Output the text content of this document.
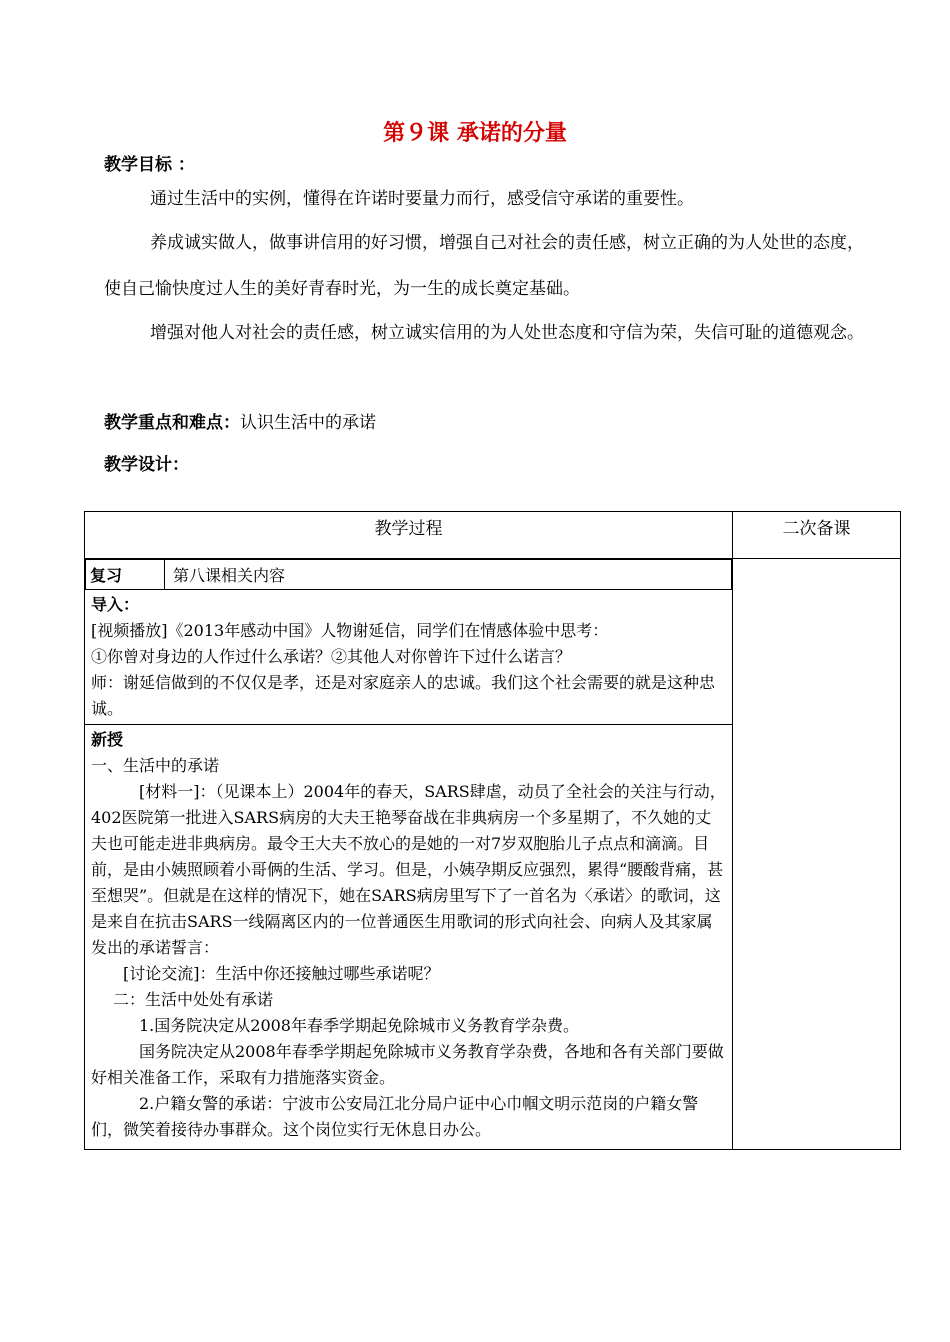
第９课 承诺的分量
教学目标 ：

通过生活中的实例，懂得在许诺时要量力而行，感受信守承诺的重要性。

养成诚实做人，做事讲信用的好习惯，增强自己对社会的责任感，树立正确的为人处世的态度，使自己愉快度过人生的美好青春时光，为一生的成长奠定基础。

增强对他人对社会的责任感，树立诚实信用的为人处世态度和守信为荣，失信可耻的道德观念。

教学重点和难点：认识生活中的承诺
教学设计：
教学过程	二次备课

复习	第八课相关内容

导入：

[视频播放]《2013年感动中国》人物谢延信，同学们在情感体验中思考：

①你曾对身边的人作过什么承诺？②其他人对你曾许下过什么诺言？

师：谢延信做到的不仅仅是孝，还是对家庭亲人的忠诚。我们这个社会需要的就是这种忠诚。

新授

一、生活中的承诺

[材料一]：（见课本上）2004年的春天，SARS肆虐，动员了全社会的关注与行动，402医院第一批进入SARS病房的大夫王艳琴奋战在非典病房一个多星期了，不久她的丈夫也可能走进非典病房。最令王大夫不放心的是她的一对7岁双胞胎儿子点点和滴滴。目前，是由小姨照顾着小哥俩的生活、学习。但是，小姨孕期反应强烈，累得“腰酸背痛，甚至想哭”。但就是在这样的情况下，她在SARS病房里写下了一首名为〈承诺〉的歌词，这是来自在抗击SARS一线隔离区内的一位普通医生用歌词的形式向社会、向病人及其家属发出的承诺誓言：

[讨论交流]：生活中你还接触过哪些承诺呢？

二：生活中处处有承诺

1.国务院决定从2008年春季学期起免除城市义务教育学杂费。

国务院决定从2008年春季学期起免除城市义务教育学杂费，各地和各有关部门要做好相关准备工作，采取有力措施落实资金。

2.户籍女警的承诺：宁波市公安局江北分局户证中心巾帼文明示范岗的户籍女警们，微笑着接待办事群众。这个岗位实行无休息日办公。
